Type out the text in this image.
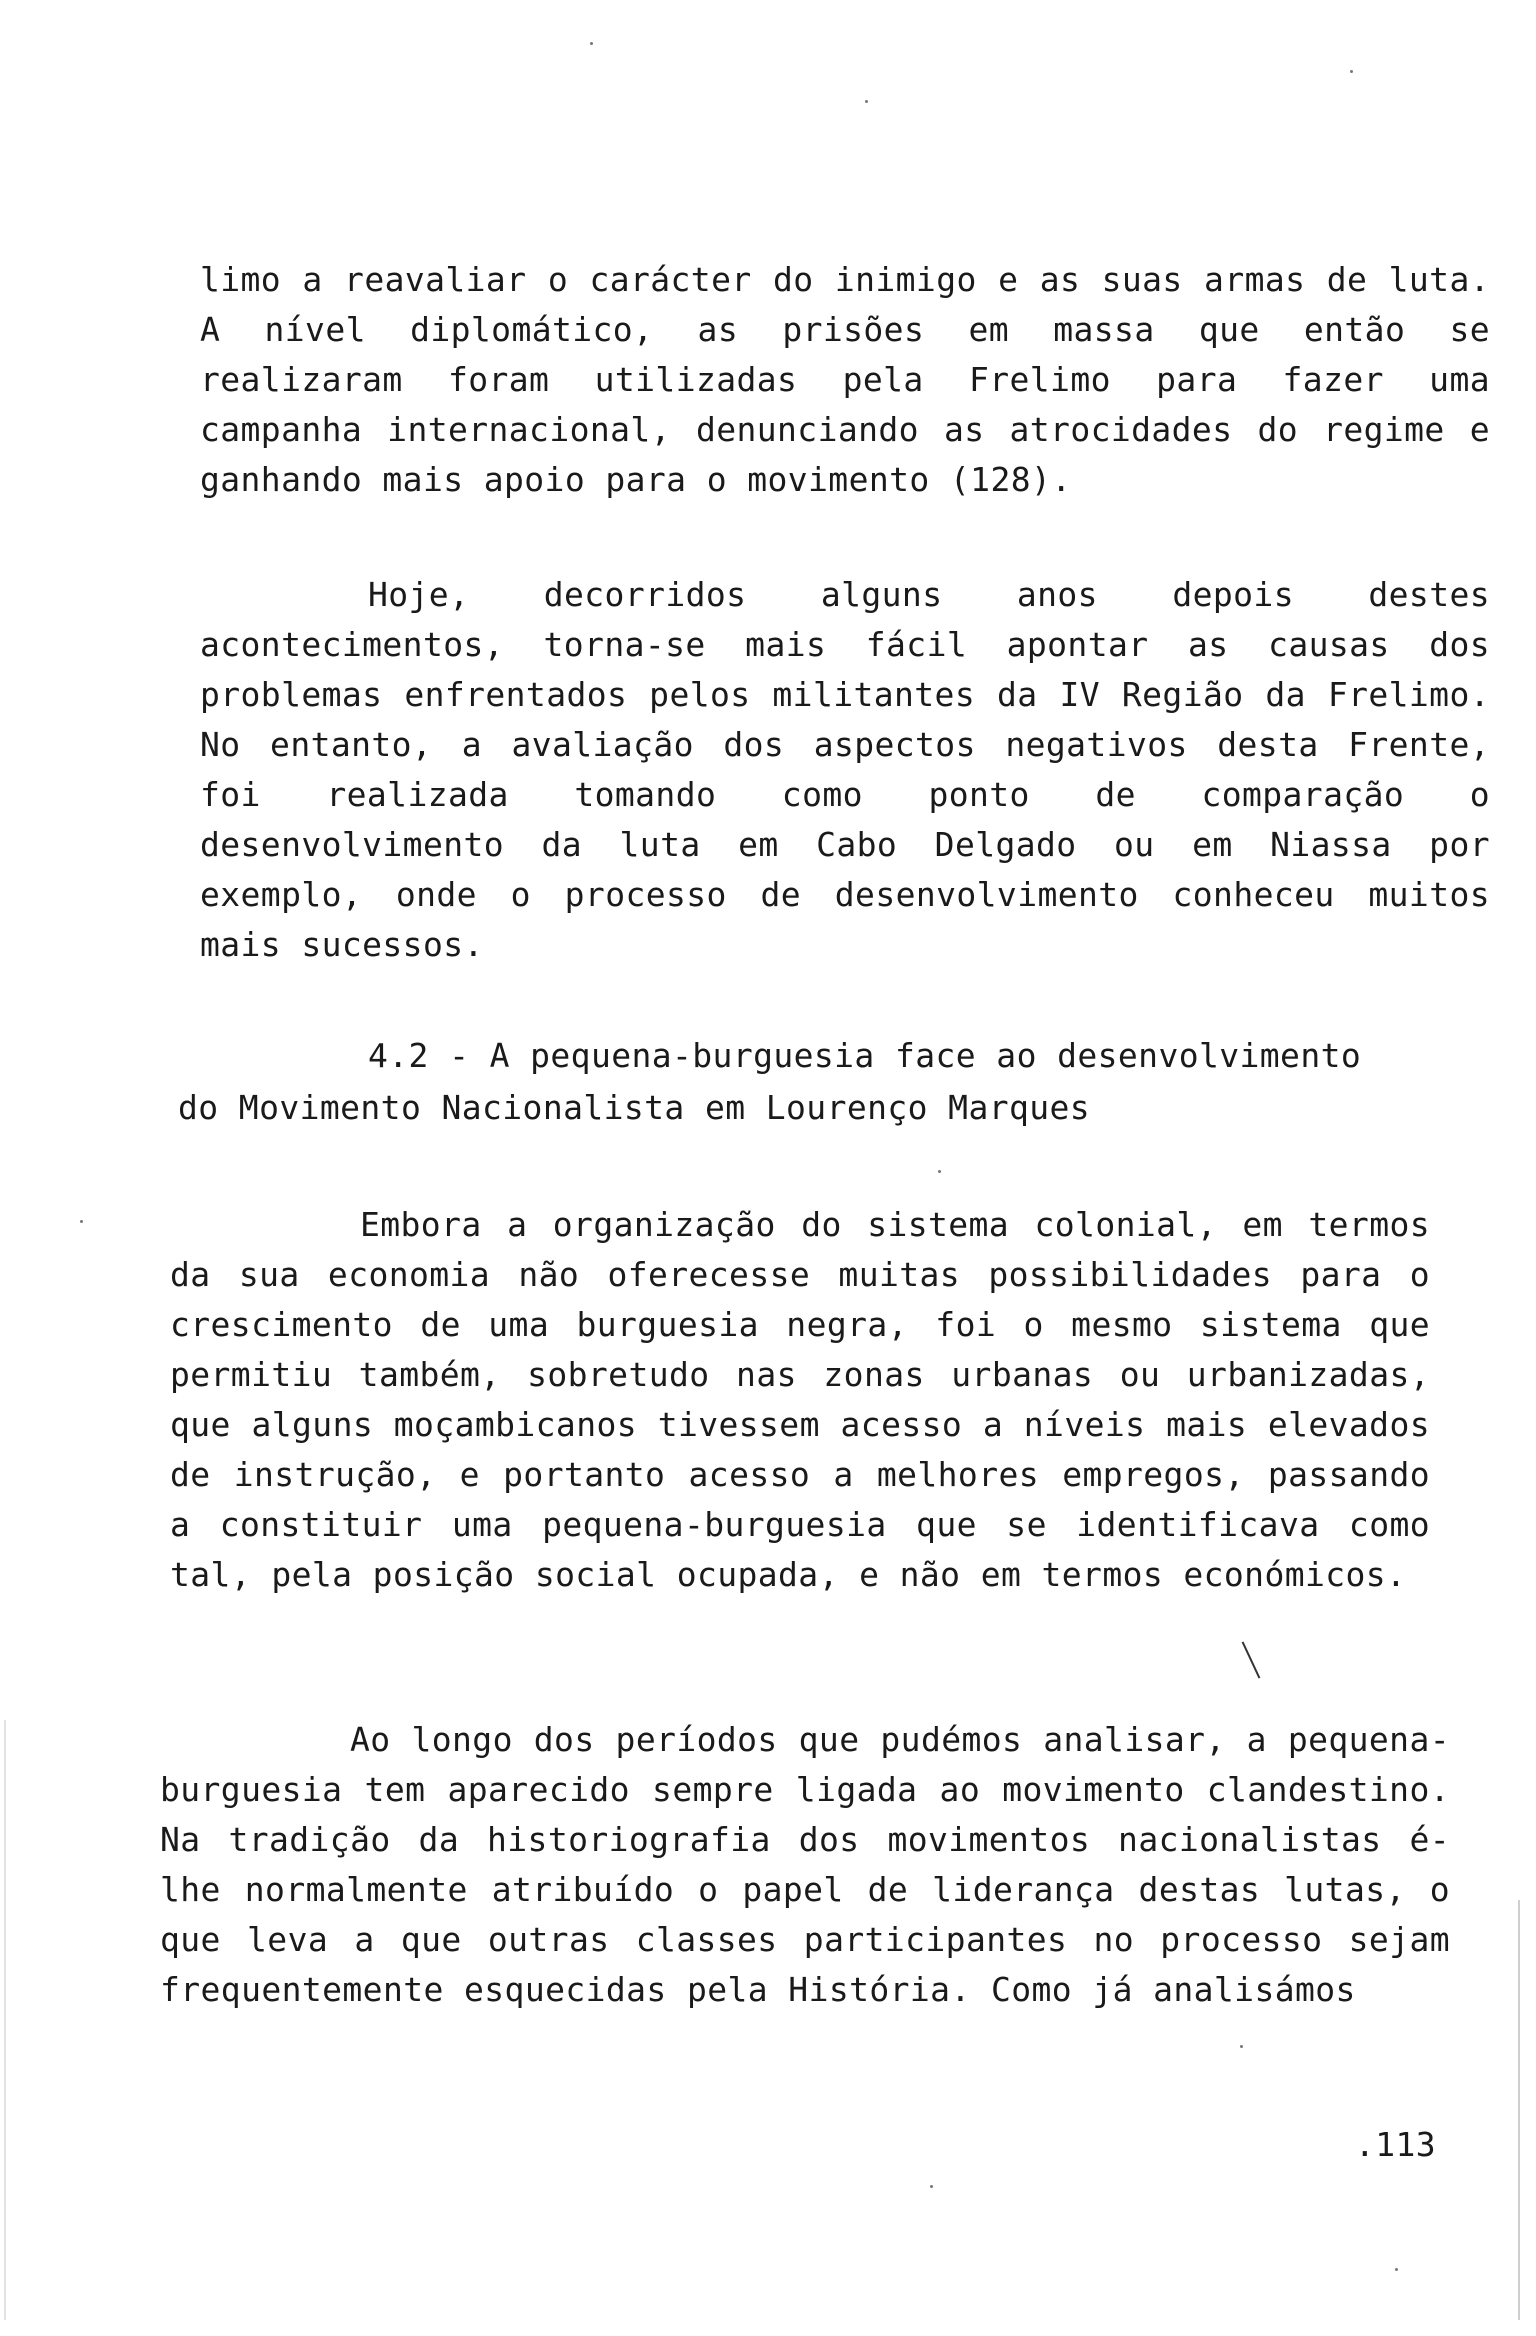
limo a reavaliar o carácter do inimigo e as suas armas de luta. A nível diplomático, as prisões em massa que então se realizaram foram utilizadas pela Frelimo para fazer uma campanha internacional, denunciando as atrocidades do regime e ganhando mais apoio para o movimento (128).

Hoje, decorridos alguns anos depois destes acontecimentos, torna-se mais fácil apontar as causas dos problemas enfrentados pelos militantes da IV Região da Frelimo. No entanto, a avaliação dos aspectos negativos desta Frente, foi realizada tomando como ponto de comparação o desenvolvimento da luta em Cabo Delgado ou em Niassa por exemplo, onde o processo de desenvolvimento conheceu muitos mais sucessos.

4.2 - A pequena-burguesia face ao desenvolvimento do Movimento Nacionalista em Lourenço Marques

Embora a organização do sistema colonial, em termos da sua economia não oferecesse muitas possibilidades para o crescimento de uma burguesia negra, foi o mesmo sistema que permitiu também, sobretudo nas zonas urbanas ou urbanizadas, que alguns moçambicanos tivessem acesso a níveis mais elevados de instrução, e portanto acesso a melhores empregos, passando a constituir uma pequena-burguesia que se identificava como tal, pela posição social ocupada, e não em termos económicos.

Ao longo dos períodos que pudémos analisar, a pequena-burguesia tem aparecido sempre ligada ao movimento clandestino. Na tradição da historiografia dos movimentos nacionalistas é-lhe normalmente atribuído o papel de liderança destas lutas, o que leva a que outras classes participantes no processo sejam frequentemente esquecidas pela História. Como já analisámos

.113
